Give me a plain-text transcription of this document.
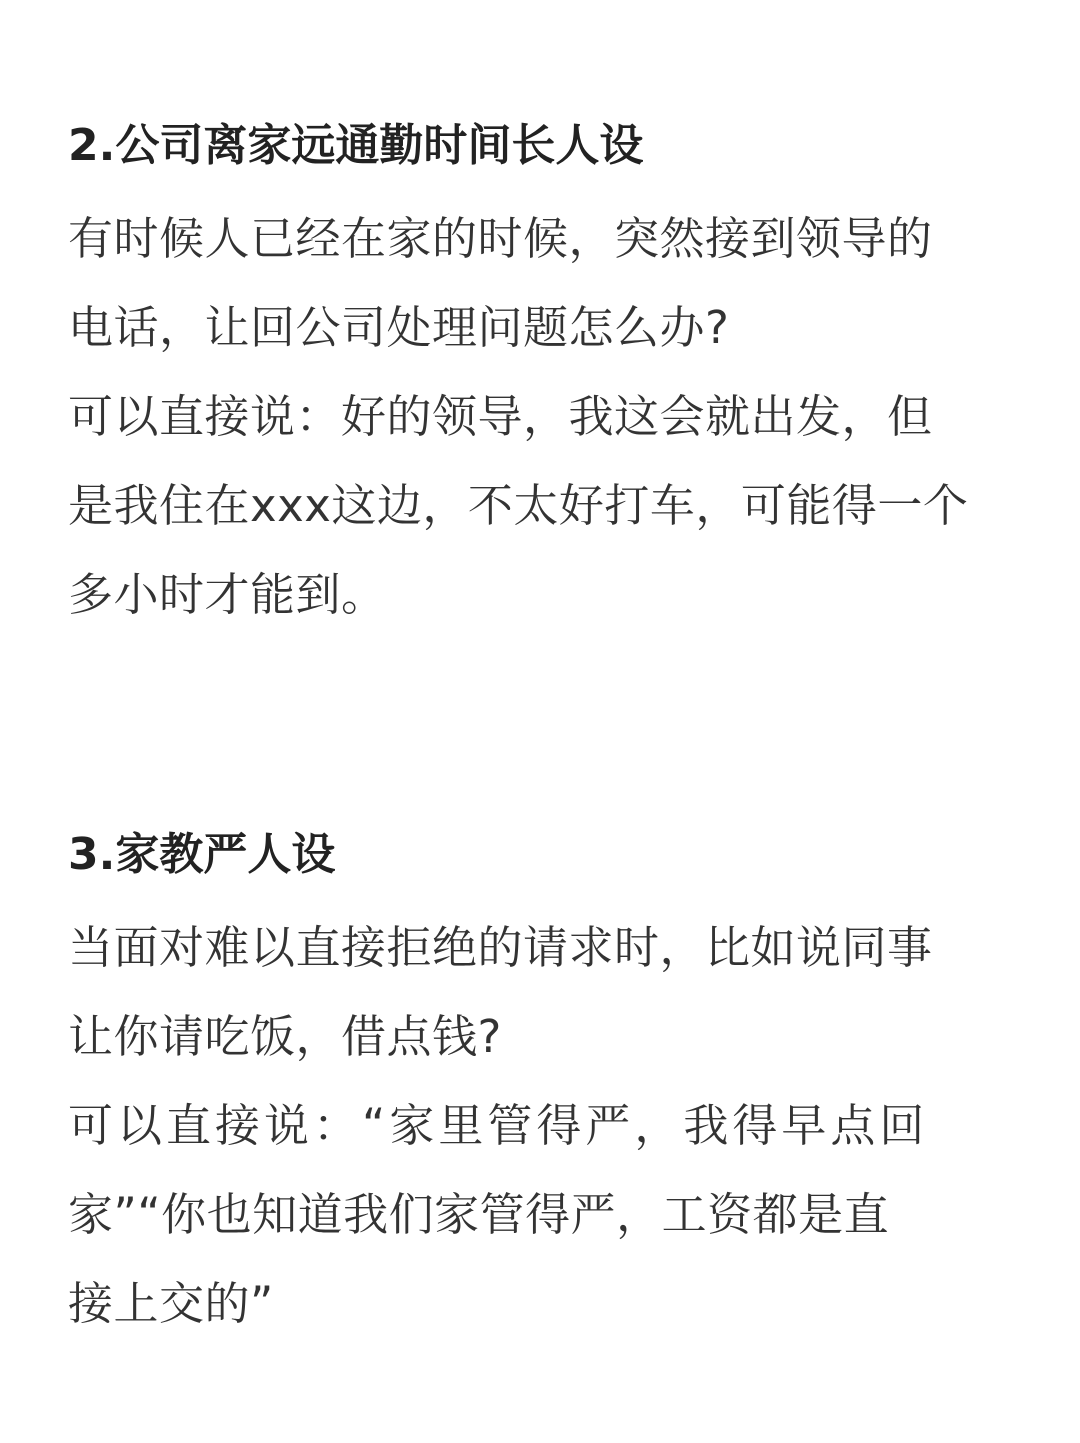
2.公司离家远通勤时间长人设
有时候人已经在家的时候，突然接到领导的
电话，让回公司处理问题怎么办?
可以直接说：好的领导，我这会就出发，但
是我住在xxx这边，不太好打车，可能得一个
多小时才能到。
3.家教严人设
当面对难以直接拒绝的请求时，比如说同事
让你请吃饭，借点钱?
可以直接说：“家里管得严，我得早点回
家”“你也知道我们家管得严，工资都是直
接上交的”
